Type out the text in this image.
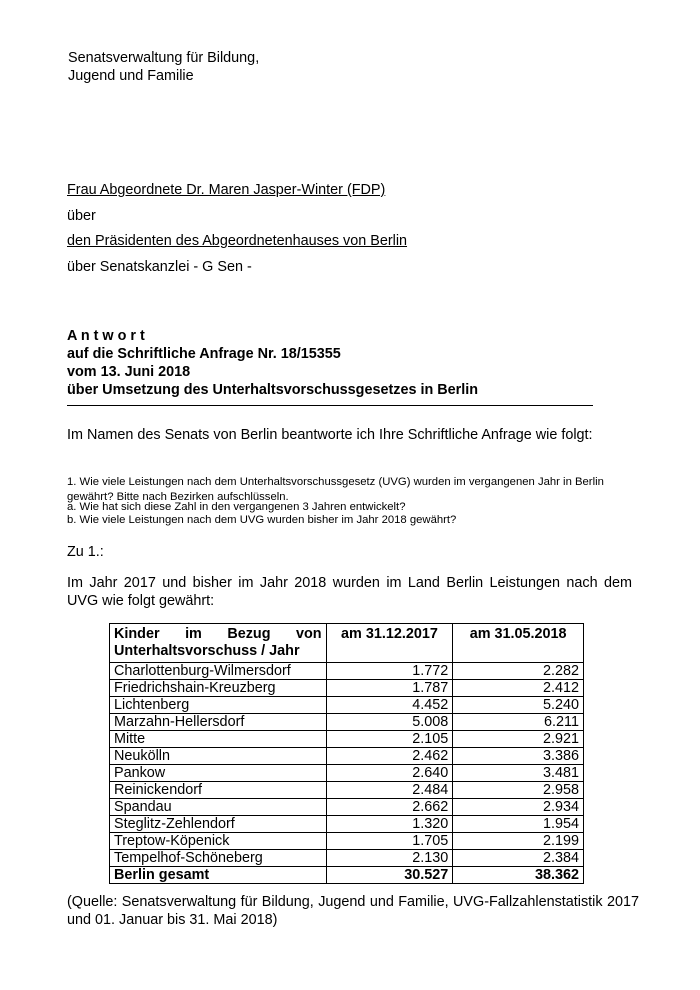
Senatsverwaltung für Bildung,
Jugend und Familie
Frau Abgeordnete Dr. Maren Jasper-Winter (FDP)
über
den Präsidenten des Abgeordnetenhauses von Berlin
über Senatskanzlei - G Sen -
A n t w o r t
auf die Schriftliche Anfrage Nr. 18/15355
vom 13. Juni 2018
über Umsetzung des Unterhaltsvorschussgesetzes in Berlin
Im Namen des Senats von Berlin beantworte ich Ihre Schriftliche Anfrage wie folgt:
1. Wie viele Leistungen nach dem Unterhaltsvorschussgesetz (UVG) wurden im vergangenen Jahr in Berlin gewährt? Bitte nach Bezirken aufschlüsseln.
a. Wie hat sich diese Zahl in den vergangenen 3 Jahren entwickelt?
b. Wie viele Leistungen nach dem UVG wurden bisher im Jahr 2018 gewährt?
Zu 1.:
Im Jahr 2017 und bisher im Jahr 2018 wurden im Land Berlin Leistungen nach dem UVG wie folgt gewährt:
Kinder im Bezug von Unterhaltsvorschuss / Jahr	am 31.12.2017	am 31.05.2018
Charlottenburg-Wilmersdorf	1.772	2.282
Friedrichshain-Kreuzberg	1.787	2.412
Lichtenberg	4.452	5.240
Marzahn-Hellersdorf	5.008	6.211
Mitte	2.105	2.921
Neukölln	2.462	3.386
Pankow	2.640	3.481
Reinickendorf	2.484	2.958
Spandau	2.662	2.934
Steglitz-Zehlendorf	1.320	1.954
Treptow-Köpenick	1.705	2.199
Tempelhof-Schöneberg	2.130	2.384
Berlin gesamt	30.527	38.362
(Quelle: Senatsverwaltung für Bildung, Jugend und Familie, UVG-Fallzahlenstatistik 2017 und 01. Januar bis 31. Mai 2018)
